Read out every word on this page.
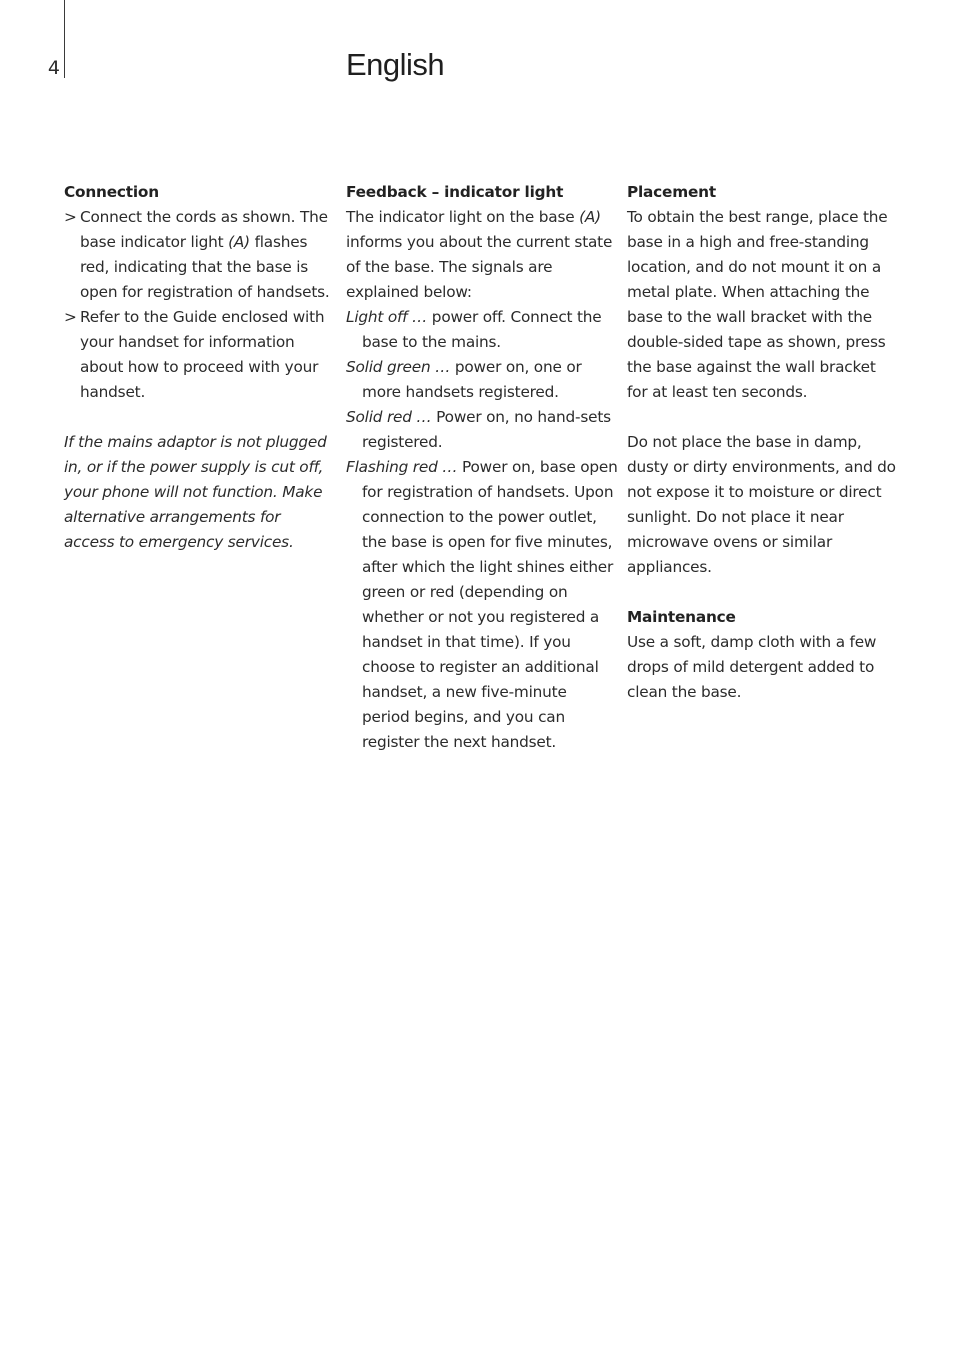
4	English

Connection

> Connect the cords as shown. The base indicator light (A) flashes red, indicating that the base is open for registration of handsets.

> Refer to the Guide enclosed with your handset for information about how to proceed with your handset.

If the mains adaptor is not plugged in, or if the power supply is cut off, your phone will not function. Make alternative arrangements for access to emergency services.

Feedback – indicator light

The indicator light on the base (A) informs you about the current state of the base. The signals are explained below:

Light off … power off. Connect the base to the mains.

Solid green … power on, one or more handsets registered.

Solid red … Power on, no hand-sets registered.

Flashing red … Power on, base open for registration of handsets. Upon connection to the power outlet, the base is open for five minutes, after which the light shines either green or red (depending on whether or not you registered a handset in that time). If you choose to register an additional handset, a new five-minute period begins, and you can register the next handset.

Placement

To obtain the best range, place the base in a high and free-standing location, and do not mount it on a metal plate. When attaching the base to the wall bracket with the double-sided tape as shown, press the base against the wall bracket for at least ten seconds.

Do not place the base in damp, dusty or dirty environments, and do not expose it to moisture or direct sunlight. Do not place it near microwave ovens or similar appliances.

Maintenance

Use a soft, damp cloth with a few drops of mild detergent added to clean the base.
